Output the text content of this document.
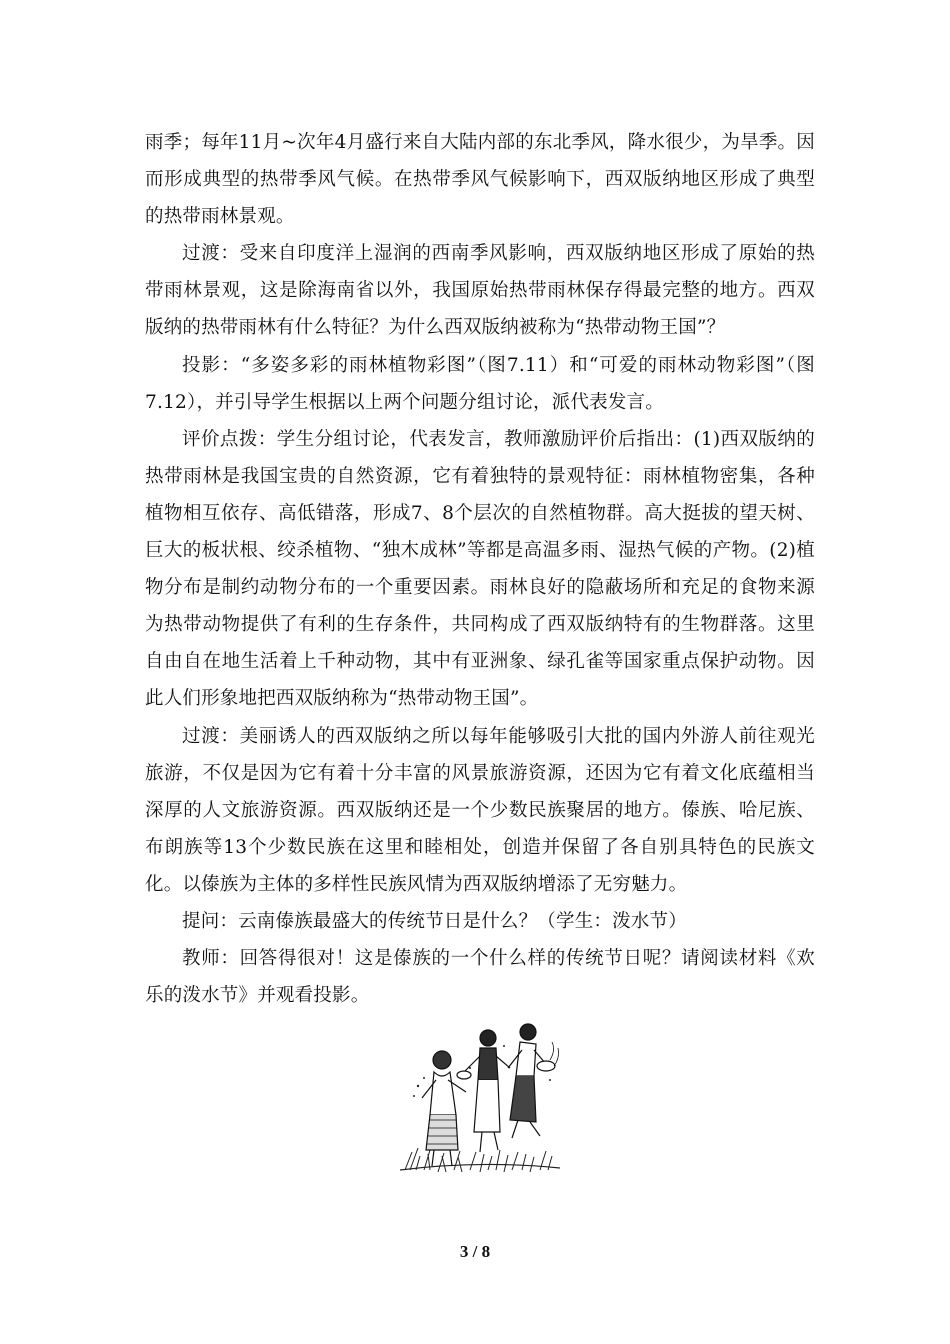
雨季；每年11月~次年4月盛行来自大陆内部的东北季风，降水很少，为旱季。因而形成典型的热带季风气候。在热带季风气候影响下，西双版纳地区形成了典型的热带雨林景观。

过渡：受来自印度洋上湿润的西南季风影响，西双版纳地区形成了原始的热带雨林景观，这是除海南省以外，我国原始热带雨林保存得最完整的地方。西双版纳的热带雨林有什么特征？为什么西双版纳被称为“热带动物王国”？

投影：“多姿多彩的雨林植物彩图”（图7.11）和“可爱的雨林动物彩图”（图7.12），并引导学生根据以上两个问题分组讨论，派代表发言。

评价点拨：学生分组讨论，代表发言，教师激励评价后指出：(1)西双版纳的热带雨林是我国宝贵的自然资源，它有着独特的景观特征：雨林植物密集，各种植物相互依存、高低错落，形成7、8个层次的自然植物群。高大挺拔的望天树、巨大的板状根、绞杀植物、“独木成林”等都是高温多雨、湿热气候的产物。(2)植物分布是制约动物分布的一个重要因素。雨林良好的隐蔽场所和充足的食物来源为热带动物提供了有利的生存条件，共同构成了西双版纳特有的生物群落。这里自由自在地生活着上千种动物，其中有亚洲象、绿孔雀等国家重点保护动物。因此人们形象地把西双版纳称为“热带动物王国”。

过渡：美丽诱人的西双版纳之所以每年能够吸引大批的国内外游人前往观光旅游，不仅是因为它有着十分丰富的风景旅游资源，还因为它有着文化底蕴相当深厚的人文旅游资源。西双版纳还是一个少数民族聚居的地方。傣族、哈尼族、布朗族等13个少数民族在这里和睦相处，创造并保留了各自别具特色的民族文化。以傣族为主体的多样性民族风情为西双版纳增添了无穷魅力。

提问：云南傣族最盛大的传统节日是什么？（学生：泼水节）

教师：回答得很对！这是傣族的一个什么样的传统节日呢？请阅读材料《欢乐的泼水节》并观看投影。

3 / 8
